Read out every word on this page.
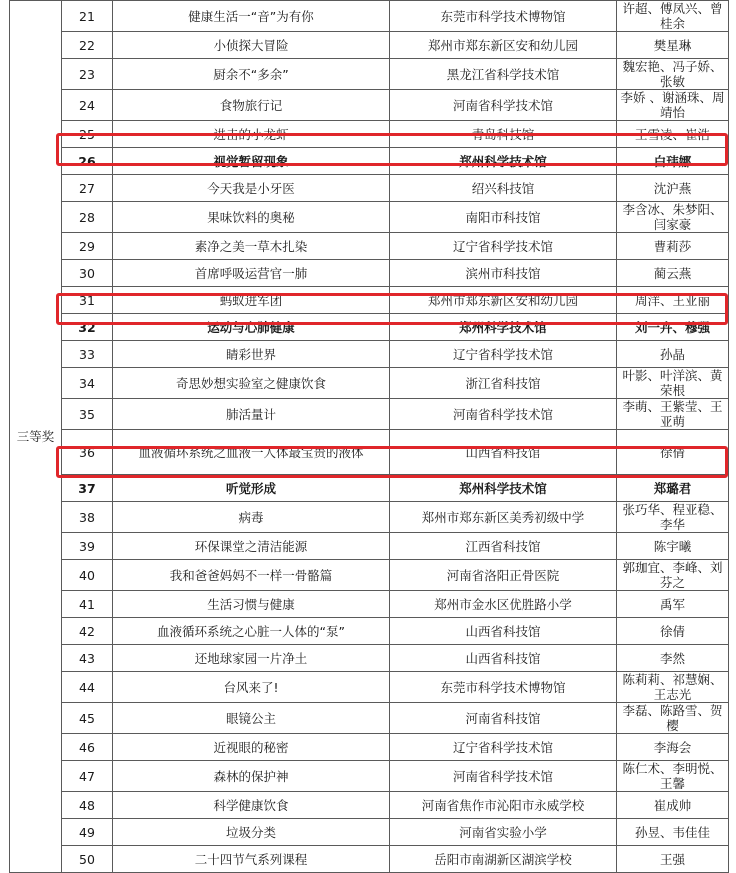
三等奖	21	健康生活一“音”为有你	东莞市科学技术博物馆	许超、傅凤兴、曾桂余
	22	小侦探大冒险	郑州市郑东新区安和幼儿园	樊星琳
	23	厨余不“多余”	黑龙江省科学技术馆	魏宏艳、冯子娇、张敏
	24	食物旅行记	河南省科学技术馆	李娇 、谢涵珠、周靖怡
	25	进击的小龙虾	青岛科技馆	王雪凌、崔浩
	26	视觉暂留现象	郑州科学技术馆	白玮娜
	27	今天我是小牙医	绍兴科技馆	沈沪燕
	28	果味饮料的奥秘	南阳市科技馆	李含冰、朱梦阳、闫家豪
	29	素净之美一草木扎染	辽宁省科学技术馆	曹莉莎
	30	首席呼吸运营官一肺	滨州市科技馆	蔺云燕
	31	蚂蚁进军团	郑州市郑东新区安和幼儿园	周洋、王亚丽
	32	运动与心肺健康	郑州科学技术馆	刘一卉、穆强
	33	睛彩世界	辽宁省科学技术馆	孙晶
	34	奇思妙想实验室之健康饮食	浙江省科技馆	叶影、叶洋滨、黄荣根
	35	肺活量计	河南省科学技术馆	李萌、王紫莹、王亚萌
	36	血液循环系统之血液一人体最宝贵的液体	山西省科技馆	徐倩
	37	听觉形成	郑州科学技术馆	郑璐君
	38	病毒	郑州市郑东新区美秀初级中学	张巧华、程亚稳、李华
	39	环保课堂之清洁能源	江西省科技馆	陈宇曦
	40	我和爸爸妈妈不一样一骨骼篇	河南省洛阳正骨医院	郭珈宜、李峰、刘芬之
	41	生活习惯与健康	郑州市金水区优胜路小学	禹军
	42	血液循环系统之心脏一人体的“泵”	山西省科技馆	徐倩
	43	还地球家园一片净土	山西省科技馆	李然
	44	台风来了!	东莞市科学技术博物馆	陈莉莉、祁慧娴、王志光
	45	眼镜公主	河南省科技馆	李磊、陈路雪、贺樱
	46	近视眼的秘密	辽宁省科学技术馆	李海会
	47	森林的保护神	河南省科学技术馆	陈仁术、李明悦、王馨
	48	科学健康饮食	河南省焦作市沁阳市永威学校	崔成帅
	49	垃圾分类	河南省实验小学	孙昱、韦佳佳
	50	二十四节气系列课程	岳阳市南湖新区湖滨学校	王强
